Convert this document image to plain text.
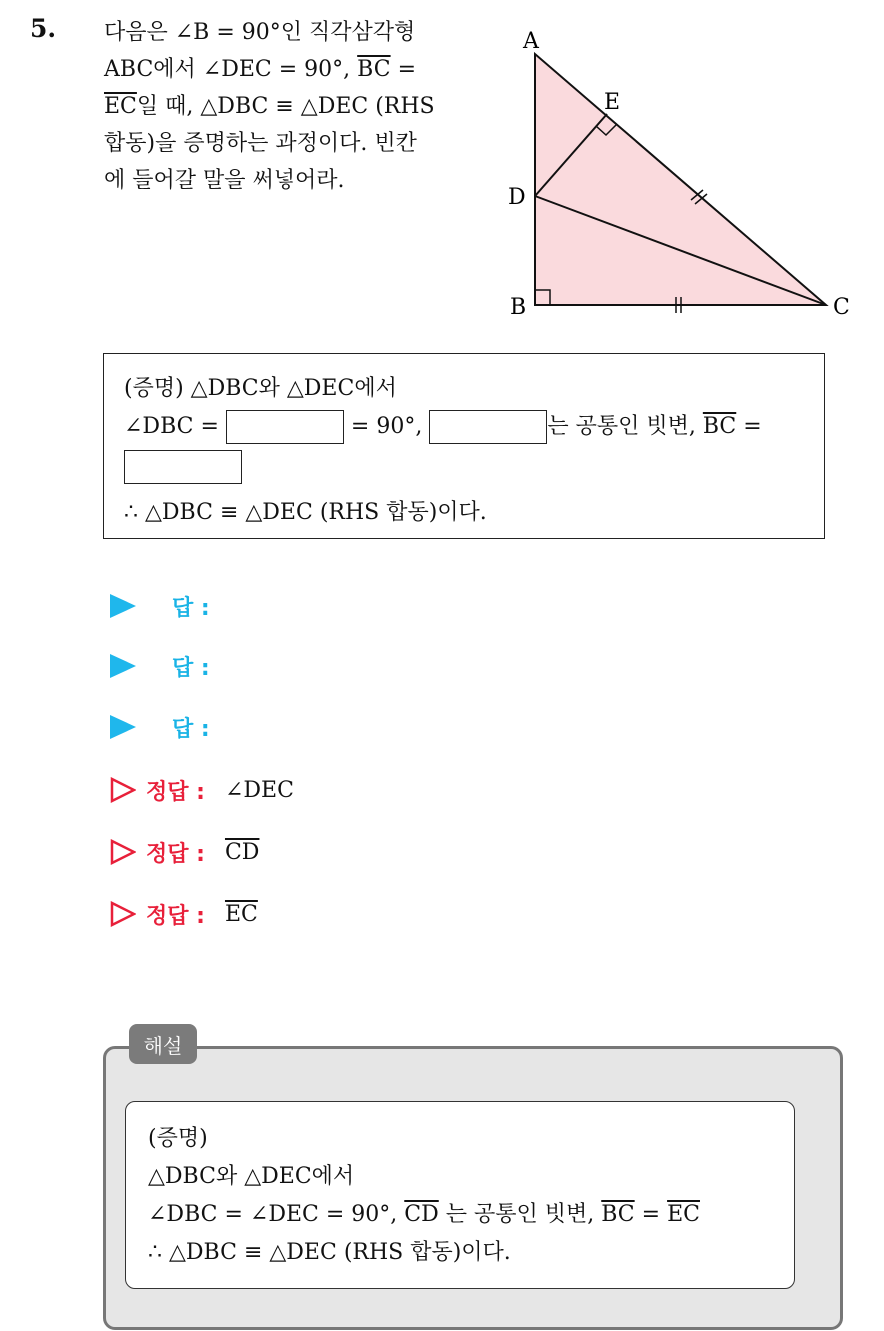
5. 다음은 ∠B = 90°인 직각삼각형
ABC에서 ∠DEC = 90°, $\overline{BC}$ =
$\overline{EC}$일 때, △DBC ≡ △DEC (RHS
합동)을 증명하는 과정이다. 빈칸
에 들어갈 말을 써넣어라.
A
E
D
B	C
(증명) △DBC와 △DEC에서
∠DBC =	= 90°,	는 공통인 빗변, $\overline{BC}$ =
∴ △DBC ≡ △DEC (RHS 합동)이다.
답 :
답 :
답 :
정답 : ∠DEC
정답 : $\overline{CD}$
정답 : $\overline{EC}$
해설
(증명)
△DBC와 △DEC에서
∠DBC = ∠DEC = 90°, $\overline{CD}$ 는 공통인 빗변, $\overline{BC} = \overline{EC}$
∴ △DBC ≡ △DEC (RHS 합동)이다.
